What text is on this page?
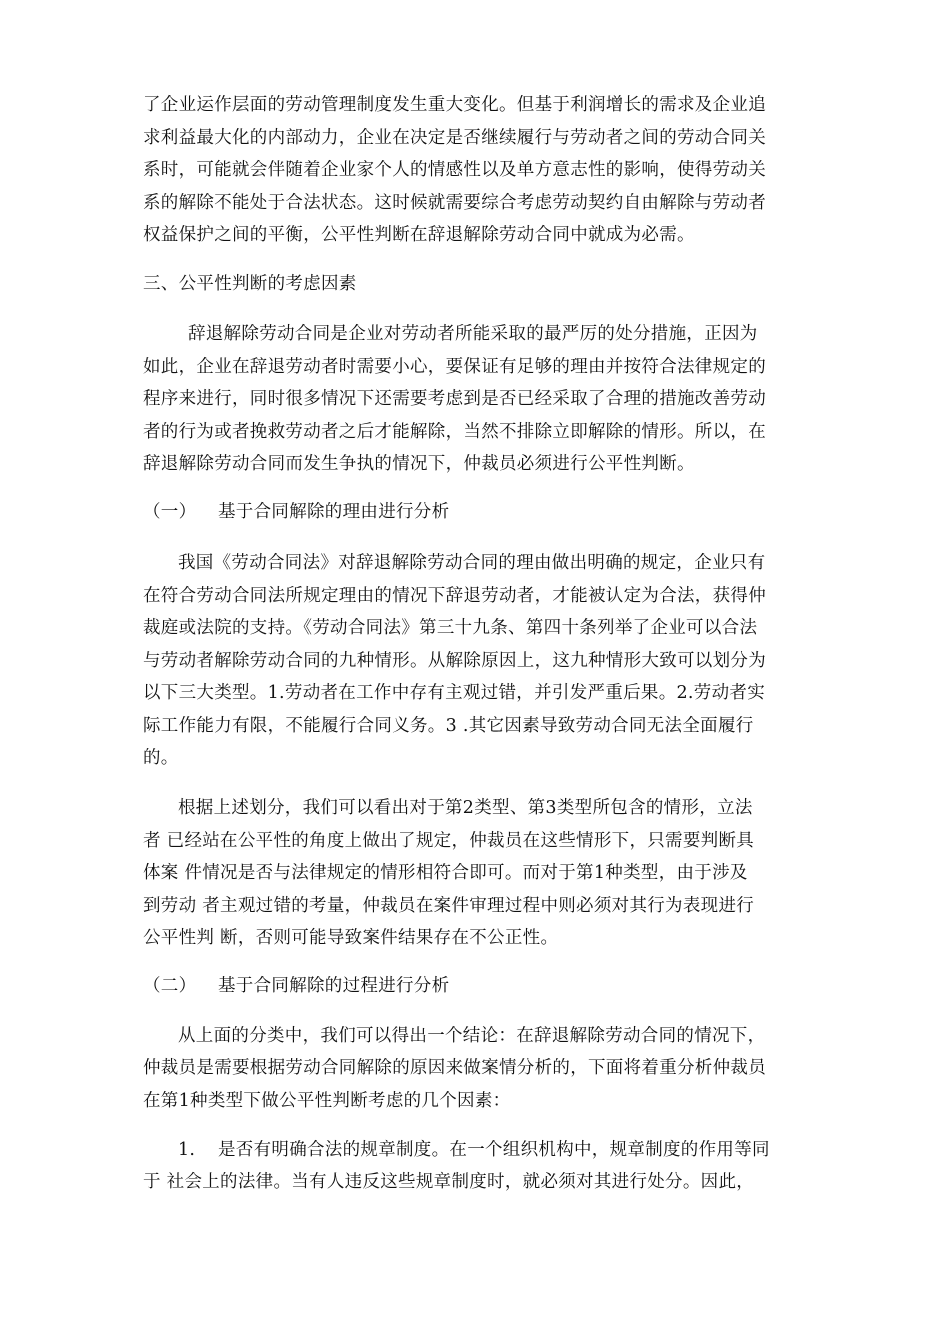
了企业运作层面的劳动管理制度发生重大变化。但基于利润增长的需求及企业追
求利益最大化的内部动力，企业在决定是否继续履行与劳动者之间的劳动合同关
系时，可能就会伴随着企业家个人的情感性以及单方意志性的影响，使得劳动关
系的解除不能处于合法状态。这时候就需要综合考虑劳动契约自由解除与劳动者
权益保护之间的平衡，公平性判断在辞退解除劳动合同中就成为必需。
三、公平性判断的考虑因素
辞退解除劳动合同是企业对劳动者所能采取的最严厉的处分措施，正因为
如此，企业在辞退劳动者时需要小心，要保证有足够的理由并按符合法律规定的
程序来进行，同时很多情况下还需要考虑到是否已经采取了合理的措施改善劳动
者的行为或者挽救劳动者之后才能解除，当然不排除立即解除的情形。所以，在
辞退解除劳动合同而发生争执的情况下，仲裁员必须进行公平性判断。
（一） 基于合同解除的理由进行分析
我国《劳动合同法》对辞退解除劳动合同的理由做出明确的规定，企业只有
在符合劳动合同法所规定理由的情况下辞退劳动者，才能被认定为合法，获得仲
裁庭或法院的支持。《劳动合同法》第三十九条、第四十条列举了企业可以合法
与劳动者解除劳动合同的九种情形。从解除原因上，这九种情形大致可以划分为
以下三大类型。1.劳动者在工作中存有主观过错，并引发严重后果。2.劳动者实
际工作能力有限，不能履行合同义务。3 .其它因素导致劳动合同无法全面履行
的。
根据上述划分，我们可以看出对于第2类型、第3类型所包含的情形，立法
者 已经站在公平性的角度上做出了规定，仲裁员在这些情形下，只需要判断具
体案 件情况是否与法律规定的情形相符合即可。而对于第1种类型，由于涉及
到劳动 者主观过错的考量，仲裁员在案件审理过程中则必须对其行为表现进行
公平性判 断，否则可能导致案件结果存在不公正性。
（二） 基于合同解除的过程进行分析
从上面的分类中，我们可以得出一个结论：在辞退解除劳动合同的情况下，
仲裁员是需要根据劳动合同解除的原因来做案情分析的，下面将着重分析仲裁员
在第1种类型下做公平性判断考虑的几个因素：
1. 是否有明确合法的规章制度。在一个组织机构中，规章制度的作用等同
于 社会上的法律。当有人违反这些规章制度时，就必须对其进行处分。因此，
